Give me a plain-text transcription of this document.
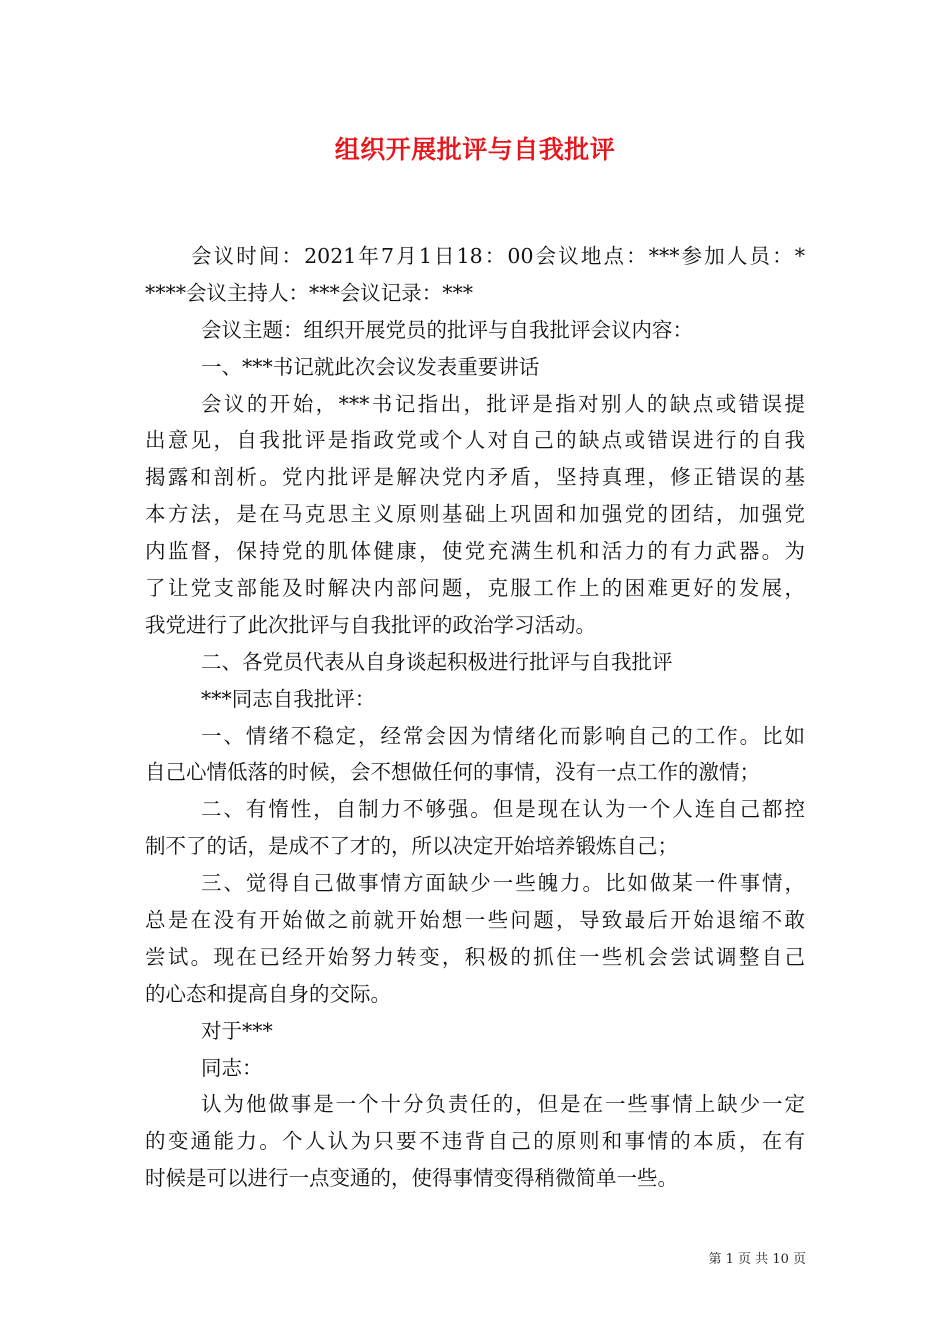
组织开展批评与自我批评
会议时间：2021年7月1日18：00会议地点：***参加人员：*
****会议主持人：***会议记录：***
会议主题：组织开展党员的批评与自我批评会议内容：
一、***书记就此次会议发表重要讲话
会议的开始，***书记指出，批评是指对别人的缺点或错误提
出意见，自我批评是指政党或个人对自己的缺点或错误进行的自我
揭露和剖析。党内批评是解决党内矛盾，坚持真理，修正错误的基
本方法，是在马克思主义原则基础上巩固和加强党的团结，加强党
内监督，保持党的肌体健康，使党充满生机和活力的有力武器。为
了让党支部能及时解决内部问题，克服工作上的困难更好的发展，
我党进行了此次批评与自我批评的政治学习活动。
二、各党员代表从自身谈起积极进行批评与自我批评
***同志自我批评：
一、情绪不稳定，经常会因为情绪化而影响自己的工作。比如
自己心情低落的时候，会不想做任何的事情，没有一点工作的激情；
二、有惰性，自制力不够强。但是现在认为一个人连自己都控
制不了的话，是成不了才的，所以决定开始培养锻炼自己；
三、觉得自己做事情方面缺少一些魄力。比如做某一件事情，
总是在没有开始做之前就开始想一些问题，导致最后开始退缩不敢
尝试。现在已经开始努力转变，积极的抓住一些机会尝试调整自己
的心态和提高自身的交际。
对于***
同志：
认为他做事是一个十分负责任的，但是在一些事情上缺少一定
的变通能力。个人认为只要不违背自己的原则和事情的本质，在有
时候是可以进行一点变通的，使得事情变得稍微简单一些。
第 1 页 共 10 页
